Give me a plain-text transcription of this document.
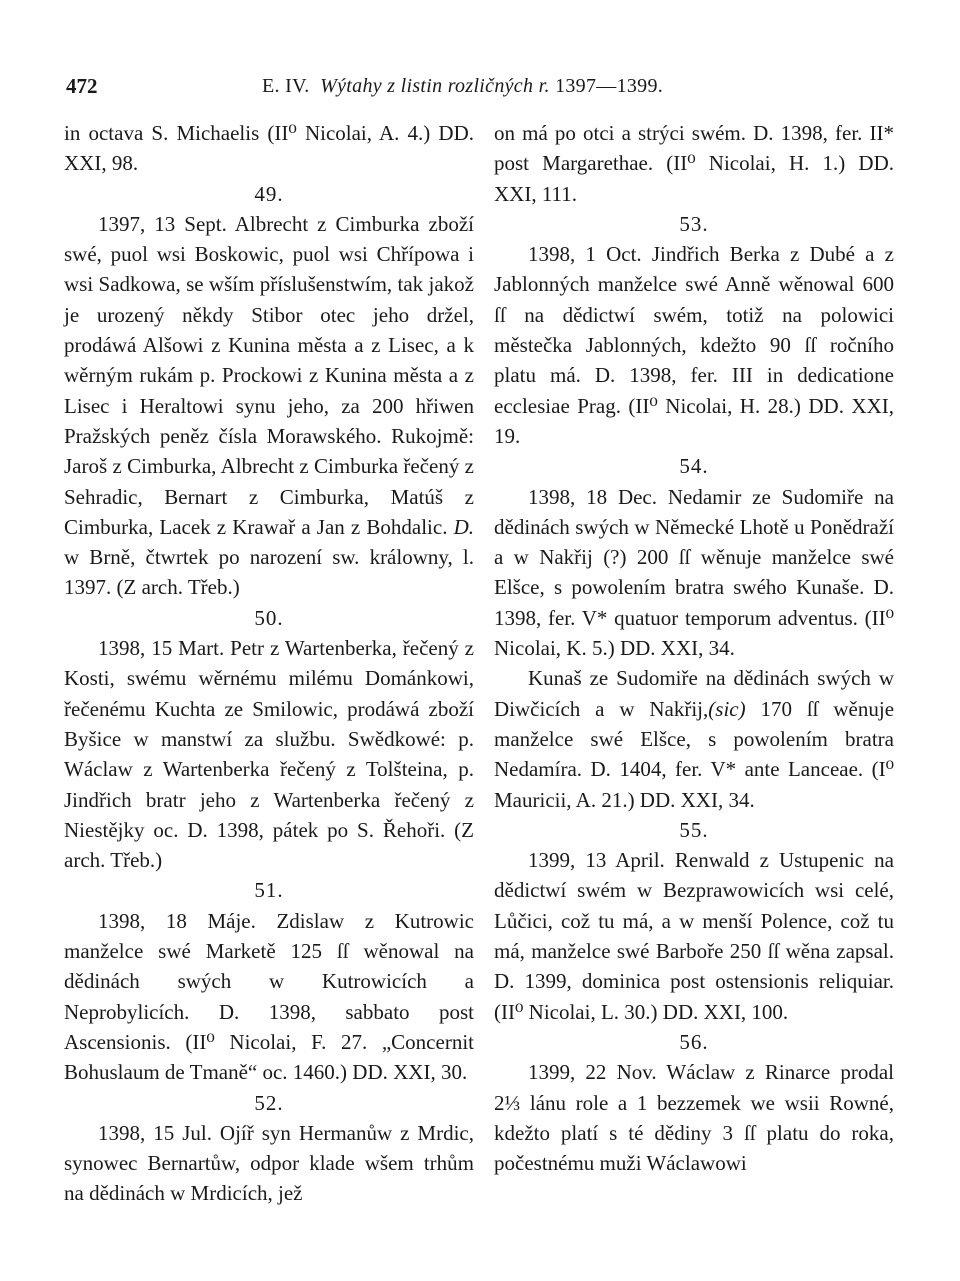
472	E. IV. Wýtahy z listin rozličných r. 1397—1399.

in octava S. Michaelis (II⁰ Nicolai, A. 4.) DD. XXI, 98.

49.

1397, 13 Sept. Albrecht z Cimburka zboží swé, puol wsi Boskowic, puol wsi Chřípowa i wsi Sadkowa, se wším příslušenstwím, tak jakož je urozený někdy Stibor otec jeho držel, prodáwá Alšowi z Kunina města a z Lisec, a k wěrným rukám p. Prockowi z Kunina města a z Lisec i Heraltowi synu jeho, za 200 hřiwen Pražských peněz čísla Morawského. Rukojmě: Jaroš z Cimburka, Albrecht z Cimburka řečený z Sehradic, Bernart z Cimburka, Matúš z Cimburka, Lacek z Krawař a Jan z Bohdalic. D. w Brně, čtwrtek po narození sw. králowny, l. 1397. (Z arch. Třeb.)

50.

1398, 15 Mart. Petr z Wartenberka, řečený z Kosti, swému wěrnému milému Dománkowi, řečenému Kuchta ze Smilowic, prodáwá zboží Byšice w manstwí za službu. Swědkowé: p. Wáclaw z Wartenberka řečený z Tolšteina, p. Jindřich bratr jeho z Wartenberka řečený z Niestějky oc. D. 1398, pátek po S. Řehoři. (Z arch. Třeb.)

51.

1398, 18 Máje. Zdislaw z Kutrowic manželce swé Marketě 125 ſſ wěnowal na dědinách swých w Kutrowicích a Neprobylicích. D. 1398, sabbato post Ascensionis. (II⁰ Nicolai, F. 27. „Concernit Bohuslaum de Tmaně“ oc. 1460.) DD. XXI, 30.

52.

1398, 15 Jul. Ojíř syn Hermanůw z Mrdic, synowec Bernartůw, odpor klade wšem trhům na dědinách w Mrdicích, jež

on má po otci a strýci swém. D. 1398, fer. II* post Margarethae. (II⁰ Nicolai, H. 1.) DD. XXI, 111.

53.

1398, 1 Oct. Jindřich Berka z Dubé a z Jablonných manželce swé Anně wěnowal 600 ſſ na dědictwí swém, totiž na polowici městečka Jablonných, kdežto 90 ſſ ročního platu má. D. 1398, fer. III in dedicatione ecclesiae Prag. (II⁰ Nicolai, H. 28.) DD. XXI, 19.

54.

1398, 18 Dec. Nedamir ze Sudomiře na dědinách swých w Německé Lhotě u Ponědraží a w Nakřij (?) 200 ſſ wěnuje manželce swé Elšce, s powolením bratra swého Kunaše. D. 1398, fer. V* quatuor temporum adventus. (II⁰ Nicolai, K. 5.) DD. XXI, 34.

Kunaš ze Sudomiře na dědinách swých w Diwčicích a w Nakřij,(sic) 170 ſſ wěnuje manželce swé Elšce, s powolením bratra Nedamíra. D. 1404, fer. V* ante Lanceae. (I⁰ Mauricii, A. 21.) DD. XXI, 34.

55.

1399, 13 April. Renwald z Ustupenic na dědictwí swém w Bezprawowicích wsi celé, Lůčici, což tu má, a w menší Polence, což tu má, manželce swé Barboře 250 ſſ wěna zapsal. D. 1399, dominica post ostensionis reliquiar. (II⁰ Nicolai, L. 30.) DD. XXI, 100.

56.

1399, 22 Nov. Wáclaw z Rinarce prodal 2⅓ lánu role a 1 bezzemek we wsii Rowné, kdežto platí s té dědiny 3 ſſ platu do roka, počestnému muži Wáclawowi
